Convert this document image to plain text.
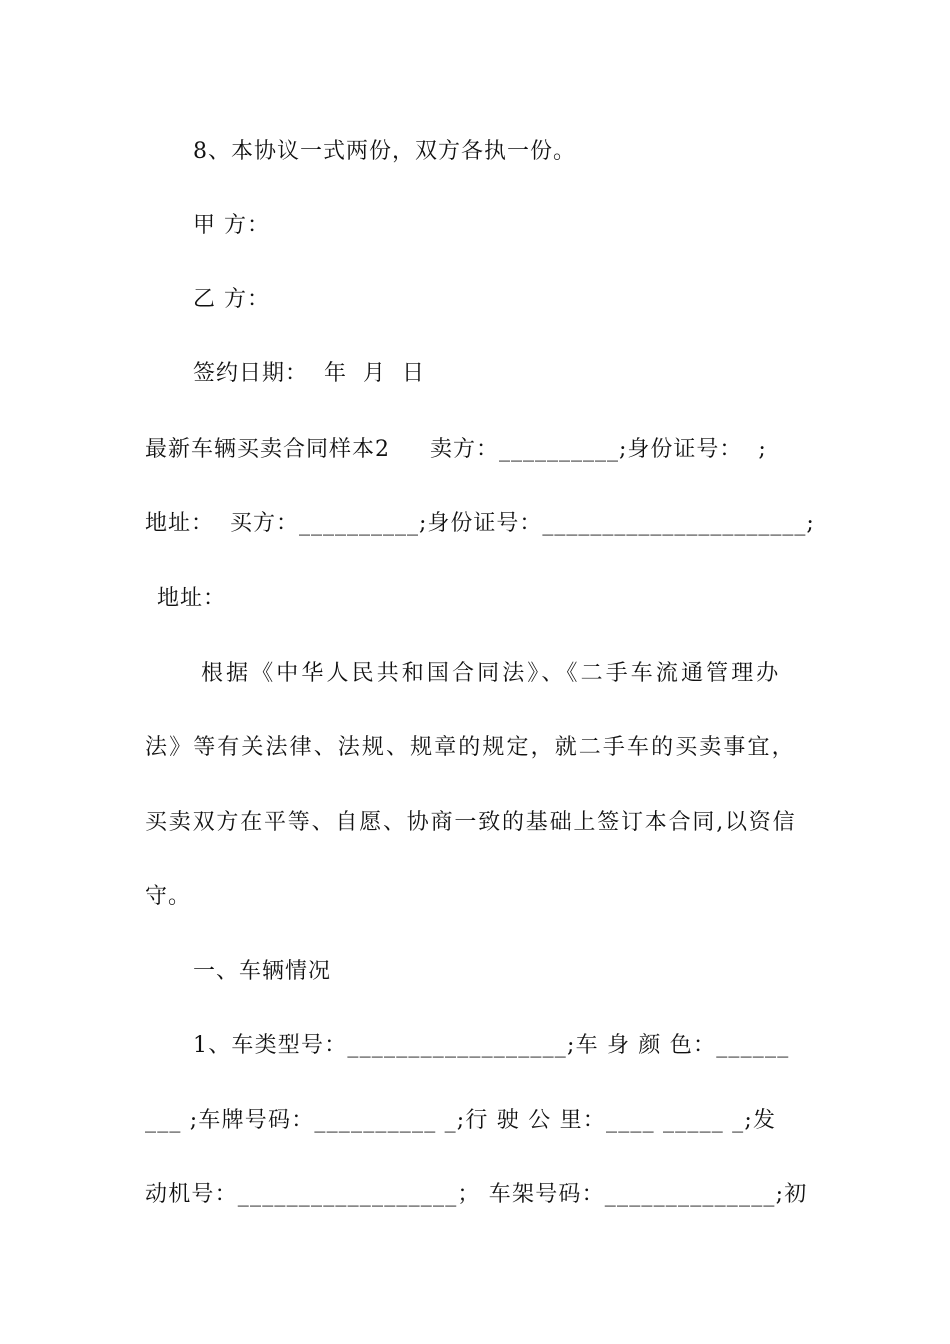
8、本协议一式两份，双方各执一份。
甲 方：
乙 方：
签约日期：  年  月  日
最新车辆买卖合同样本2     卖方：__________;身份证号：  ;
地址：  买方：__________;身份证号：______________________;
地址：
根据《中华人民共和国合同法》、《二手车流通管理办
法》等有关法律、法规、规章的规定，就二手车的买卖事宜，
买卖双方在平等、自愿、协商一致的基础上签订本合同,以资信
守。
一、车辆情况
1、车类型号：__________________;车 身 颜 色：______
___ ;车牌号码：__________ _;行 驶 公 里：____ _____ _;发
动机号：__________________； 车架号码：______________;初
